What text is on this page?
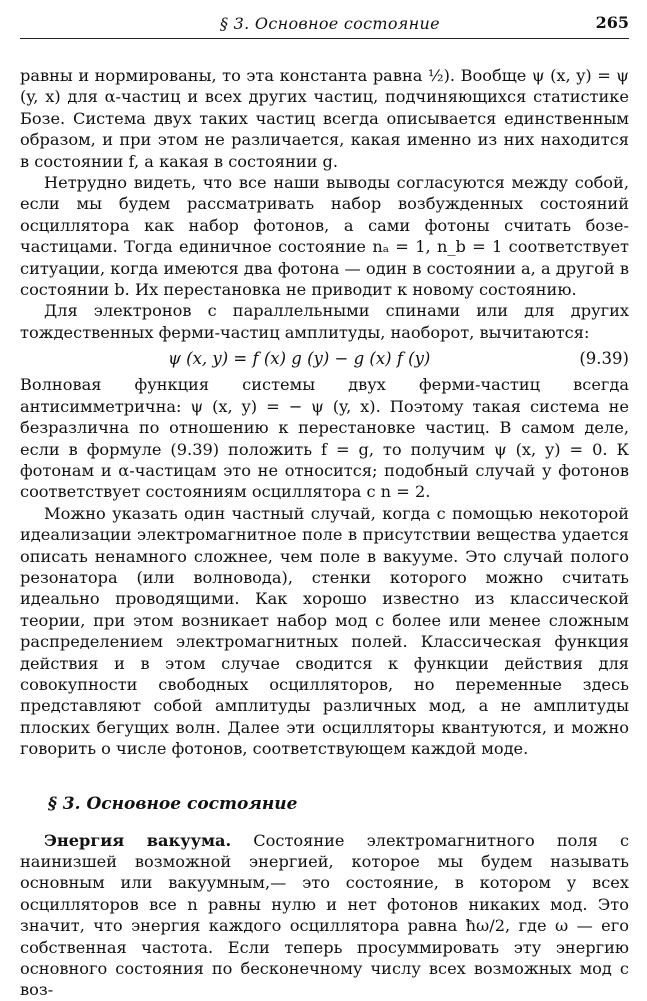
§ 3. Основное состояние	265

равны и нормированы, то эта константа равна ½). Вообще ψ (x, y) = ψ (y, x) для α-частиц и всех других частиц, подчиняющихся статистике Бозе. Система двух таких частиц всегда описывается единственным образом, и при этом не различается, какая именно из них находится в состоянии f, а какая в состоянии g.

Нетрудно видеть, что все наши выводы согласуются между собой, если мы будем рассматривать набор возбужденных состояний осциллятора как набор фотонов, а сами фотоны считать бозе-частицами. Тогда единичное состояние nₐ = 1, n_b = 1 соответствует ситуации, когда имеются два фотона — один в состоянии a, а другой в состоянии b. Их перестановка не приводит к новому состоянию.

Для электронов с параллельными спинами или для других тождественных ферми-частиц амплитуды, наоборот, вычитаются:

ψ (x, y) = f (x) g (y) − g (x) f (y)	(9.39)

Волновая функция системы двух ферми-частиц всегда антисимметрична: ψ (x, y) = − ψ (y, x). Поэтому такая система не безразлична по отношению к перестановке частиц. В самом деле, если в формуле (9.39) положить f = g, то получим ψ (x, y) = 0. К фотонам и α-частицам это не относится; подобный случай у фотонов соответствует состояниям осциллятора с n = 2.

Можно указать один частный случай, когда с помощью некоторой идеализации электромагнитное поле в присутствии вещества удается описать ненамного сложнее, чем поле в вакууме. Это случай полого резонатора (или волновода), стенки которого можно считать идеально проводящими. Как хорошо известно из классической теории, при этом возникает набор мод с более или менее сложным распределением электромагнитных полей. Классическая функция действия и в этом случае сводится к функции действия для совокупности свободных осцилляторов, но переменные здесь представляют собой амплитуды различных мод, а не амплитуды плоских бегущих волн. Далее эти осцилляторы квантуются, и можно говорить о числе фотонов, соответствующем каждой моде.

§ 3. Основное состояние

Энергия вакуума. Состояние электромагнитного поля с наинизшей возможной энергией, которое мы будем называть основным или вакуумным,— это состояние, в котором у всех осцилляторов все n равны нулю и нет фотонов никаких мод. Это значит, что энергия каждого осциллятора равна ħω/2, где ω — его собственная частота. Если теперь просуммировать эту энергию основного состояния по бесконечному числу всех возможных мод с воз-
